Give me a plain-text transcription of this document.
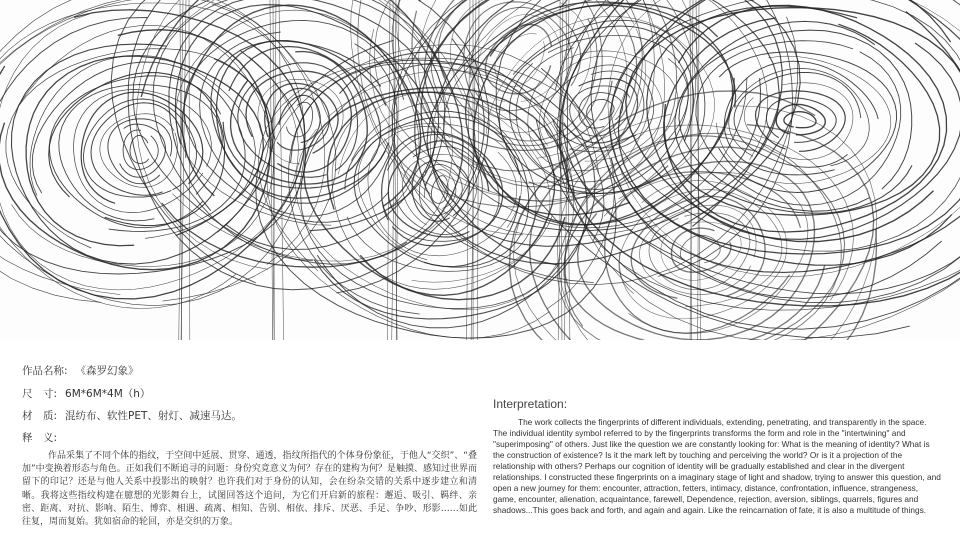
作品名称: 《森罗幻象》
尺　寸: 6M*6M*4M（h）
材　质: 混纺布、软性PET、射灯、减速马达。
释　义:
作品采集了不同个体的指纹，于空间中延展、贯穿、通透，指纹所指代的个体身份象征，于他人“交织”、“叠加”中变换着形态与角色。正如我们不断追寻的问题：身份究竟意义为何？存在的建构为何？是触摸、感知过世界而留下的印记？还是与他人关系中投影出的映射？也许我们对于身份的认知，会在纷杂交错的关系中逐步建立和清晰。我将这些指纹构建在臆想的光影舞台上，试图回答这个追问，为它们开启新的旅程：邂逅、吸引、羁绊、亲密、距离、对抗、影响、陌生、博弈、相遇、疏离、相知、告别、相依、排斥、厌恶、手足、争吵、形影……如此往复，周而复始。犹如宿命的轮回，亦是交织的万象。
Interpretation:
The work collects the fingerprints of different individuals, extending, penetrating, and transparently in the space. The individual identity symbol referred to by the fingerprints transforms the form and role in the "intertwining" and "superimposing" of others. Just like the question we are constantly looking for: What is the meaning of identity? What is the construction of existence? Is it the mark left by touching and perceiving the world? Or is it a projection of the relationship with others? Perhaps our cognition of identity will be gradually established and clear in the divergent relationships. I constructed these fingerprints on a imaginary stage of light and shadow, trying to answer this question, and open a new journey for them: encounter, attraction, fetters, intimacy, distance, confrontation, influence, strangeness, game, encounter, alienation, acquaintance, farewell, Dependence, rejection, aversion, siblings, quarrels, figures and shadows...This goes back and forth, and again and again. Like the reincarnation of fate, it is also a multitude of things.
